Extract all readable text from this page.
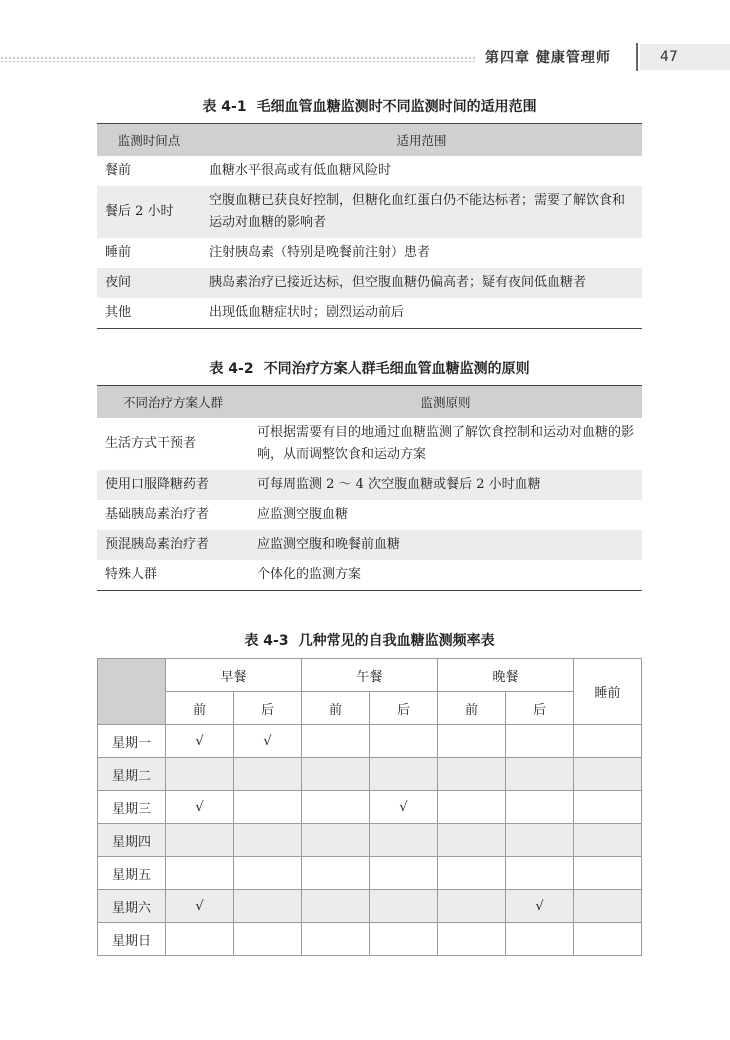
第四章 健康管理师	47
表 4-1 毛细血管血糖监测时不同监测时间的适用范围
监测时间点	适用范围
餐前	血糖水平很高或有低血糖风险时
餐后 2 小时	空腹血糖已获良好控制，但糖化血红蛋白仍不能达标者；需要了解饮食和运动对血糖的影响者
睡前	注射胰岛素（特别是晚餐前注射）患者
夜间	胰岛素治疗已接近达标，但空腹血糖仍偏高者；疑有夜间低血糖者
其他	出现低血糖症状时；剧烈运动前后
表 4-2 不同治疗方案人群毛细血管血糖监测的原则
不同治疗方案人群	监测原则
生活方式干预者	可根据需要有目的地通过血糖监测了解饮食控制和运动对血糖的影响，从而调整饮食和运动方案
使用口服降糖药者	可每周监测 2 ～ 4 次空腹血糖或餐后 2 小时血糖
基础胰岛素治疗者	应监测空腹血糖
预混胰岛素治疗者	应监测空腹和晚餐前血糖
特殊人群	个体化的监测方案
表 4-3 几种常见的自我血糖监测频率表
	早餐		午餐		晚餐		睡前
	前	后	前	后	前	后	
星期一	√	√					
星期二							
星期三	√			√			
星期四							
星期五							
星期六	√					√	
星期日							
